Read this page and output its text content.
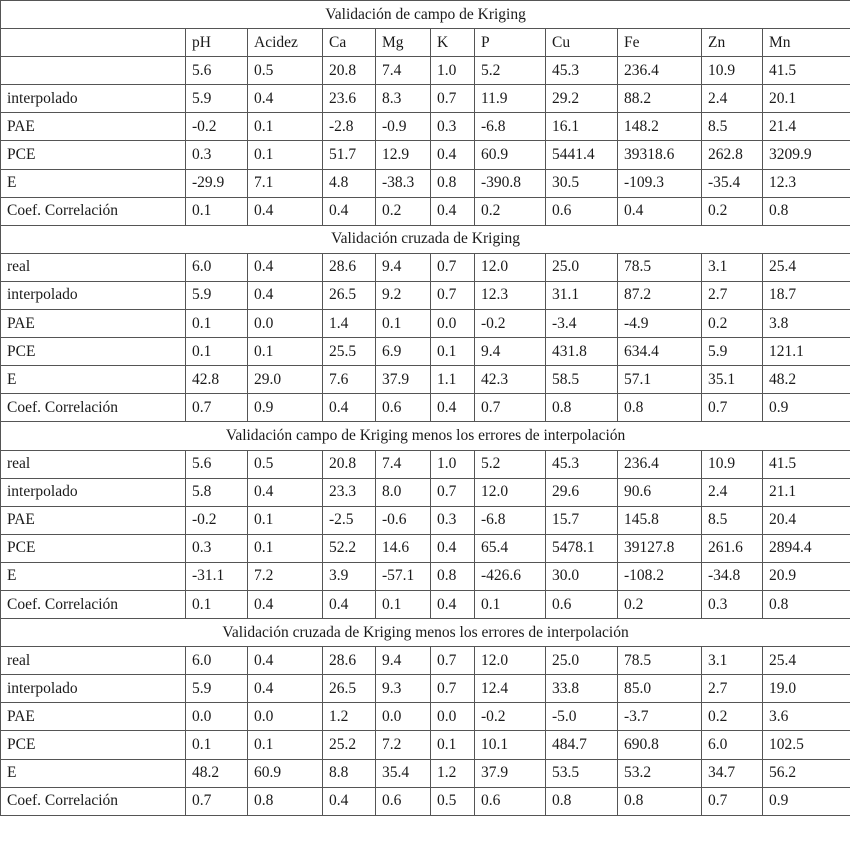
Validación de campo de Kriging										
	pH	Acidez	Ca	Mg	K	P	Cu	Fe	Zn	Mn
	5.6	0.5	20.8	7.4	1.0	5.2	45.3	236.4	10.9	41.5
interpolado	5.9	0.4	23.6	8.3	0.7	11.9	29.2	88.2	2.4	20.1
PAE	-0.2	0.1	-2.8	-0.9	0.3	-6.8	16.1	148.2	8.5	21.4
PCE	0.3	0.1	51.7	12.9	0.4	60.9	5441.4	39318.6	262.8	3209.9
E	-29.9	7.1	4.8	-38.3	0.8	-390.8	30.5	-109.3	-35.4	12.3
Coef. Correlación	0.1	0.4	0.4	0.2	0.4	0.2	0.6	0.4	0.2	0.8
Validación cruzada de Kriging										
real	6.0	0.4	28.6	9.4	0.7	12.0	25.0	78.5	3.1	25.4
interpolado	5.9	0.4	26.5	9.2	0.7	12.3	31.1	87.2	2.7	18.7
PAE	0.1	0.0	1.4	0.1	0.0	-0.2	-3.4	-4.9	0.2	3.8
PCE	0.1	0.1	25.5	6.9	0.1	9.4	431.8	634.4	5.9	121.1
E	42.8	29.0	7.6	37.9	1.1	42.3	58.5	57.1	35.1	48.2
Coef. Correlación	0.7	0.9	0.4	0.6	0.4	0.7	0.8	0.8	0.7	0.9
Validación campo de Kriging menos los errores de interpolación										
real	5.6	0.5	20.8	7.4	1.0	5.2	45.3	236.4	10.9	41.5
interpolado	5.8	0.4	23.3	8.0	0.7	12.0	29.6	90.6	2.4	21.1
PAE	-0.2	0.1	-2.5	-0.6	0.3	-6.8	15.7	145.8	8.5	20.4
PCE	0.3	0.1	52.2	14.6	0.4	65.4	5478.1	39127.8	261.6	2894.4
E	-31.1	7.2	3.9	-57.1	0.8	-426.6	30.0	-108.2	-34.8	20.9
Coef. Correlación	0.1	0.4	0.4	0.1	0.4	0.1	0.6	0.2	0.3	0.8
Validación cruzada de Kriging menos los errores de interpolación										
real	6.0	0.4	28.6	9.4	0.7	12.0	25.0	78.5	3.1	25.4
interpolado	5.9	0.4	26.5	9.3	0.7	12.4	33.8	85.0	2.7	19.0
PAE	0.0	0.0	1.2	0.0	0.0	-0.2	-5.0	-3.7	0.2	3.6
PCE	0.1	0.1	25.2	7.2	0.1	10.1	484.7	690.8	6.0	102.5
E	48.2	60.9	8.8	35.4	1.2	37.9	53.5	53.2	34.7	56.2
Coef. Correlación	0.7	0.8	0.4	0.6	0.5	0.6	0.8	0.8	0.7	0.9
